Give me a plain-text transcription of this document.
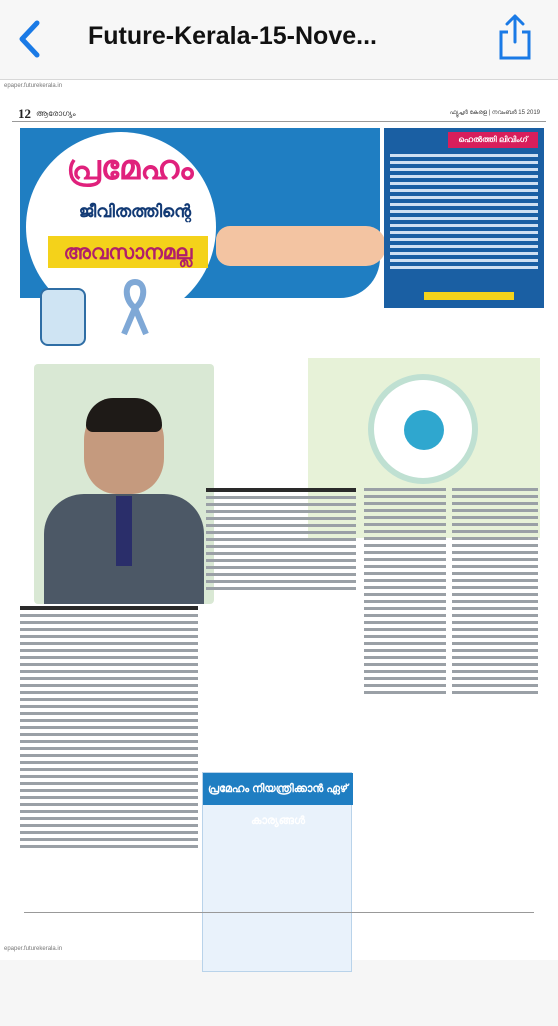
Future-Kerala-15-Nove...
epaper.futurekerala.in
12 ആരോഗ്യം	ഫ്യൂച്ചർ കേരള | നവംബർ 15 2019
പ്രമേഹം
ജീവിതത്തിന്റെ
അവസാനമല്ല
ഹെൽത്തി ലിവിംഗ്
പ്രമേഹം നിയന്ത്രിക്കാൻ ഏഴ് കാര്യങ്ങൾ
epaper.futurekerala.in
